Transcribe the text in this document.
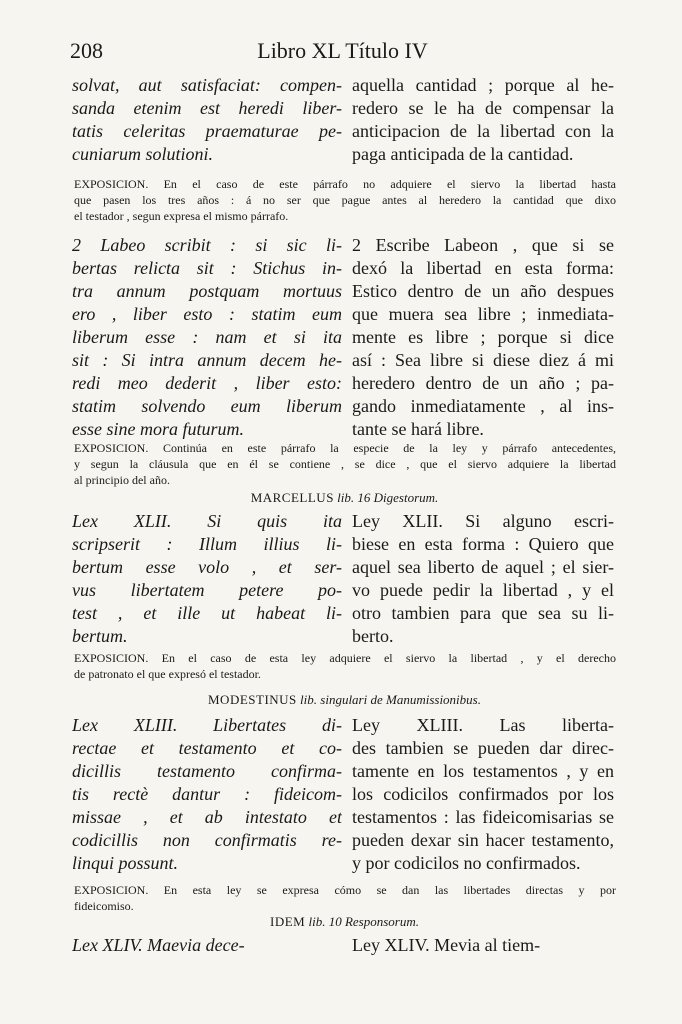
208	Libro XL Título IV
solvat, aut satisfaciat: compen-
sanda etenim est heredi liber-
tatis celeritas praematurae pe-
cuniarum solutioni.
aquella cantidad ; porque al he-
redero se le ha de compensar la
anticipacion de la libertad con la
paga anticipada de la cantidad.
EXPOSICION. En el caso de este párrafo no adquiere el siervo la libertad hasta
que pasen los tres años : á no ser que pague antes al heredero la cantidad que dixo
el testador , segun expresa el mismo párrafo.
2 Labeo scribit : si sic li-
bertas relicta sit : Stichus in-
tra annum postquam mortuus
ero , liber esto : statim eum
liberum esse : nam et si ita
sit : Si intra annum decem he-
redi meo dederit , liber esto:
statim solvendo eum liberum
esse sine mora futurum.
2 Escribe Labeon , que si se
dexó la libertad en esta forma:
Estico dentro de un año despues
que muera sea libre ; inmediata-
mente es libre ; porque si dice
así : Sea libre si diese diez á mi
heredero dentro de un año ; pa-
gando inmediatamente , al ins-
tante se hará libre.
EXPOSICION. Continúa en este párrafo la especie de la ley y párrafo antecedentes,
y segun la cláusula que en él se contiene , se dice , que el siervo adquiere la libertad
al principio del año.
MARCELLUS lib. 16 Digestorum.
Lex XLII. Si quis ita
scripserit : Illum illius li-
bertum esse volo , et ser-
vus libertatem petere po-
test , et ille ut habeat li-
bertum.
Ley XLII. Si alguno escri-
biese en esta forma : Quiero que
aquel sea liberto de aquel ; el sier-
vo puede pedir la libertad , y el
otro tambien para que sea su li-
berto.
EXPOSICION. En el caso de esta ley adquiere el siervo la libertad , y el derecho
de patronato el que expresó el testador.
MODESTINUS lib. singulari de Manumissionibus.
Lex XLIII. Libertates di-
rectae et testamento et co-
dicillis testamento confirma-
tis rectè dantur : fideicom-
missae , et ab intestato et
codicillis non confirmatis re-
linqui possunt.
Ley XLIII. Las liberta-
des tambien se pueden dar direc-
tamente en los testamentos , y en
los codicilos confirmados por los
testamentos : las fideicomisarias se
pueden dexar sin hacer testamento,
y por codicilos no confirmados.
EXPOSICION. En esta ley se expresa cómo se dan las libertades directas y por
fideicomiso.
IDEM lib. 10 Responsorum.
Lex XLIV. Maevia dece-	Ley XLIV. Mevia al tiem-
